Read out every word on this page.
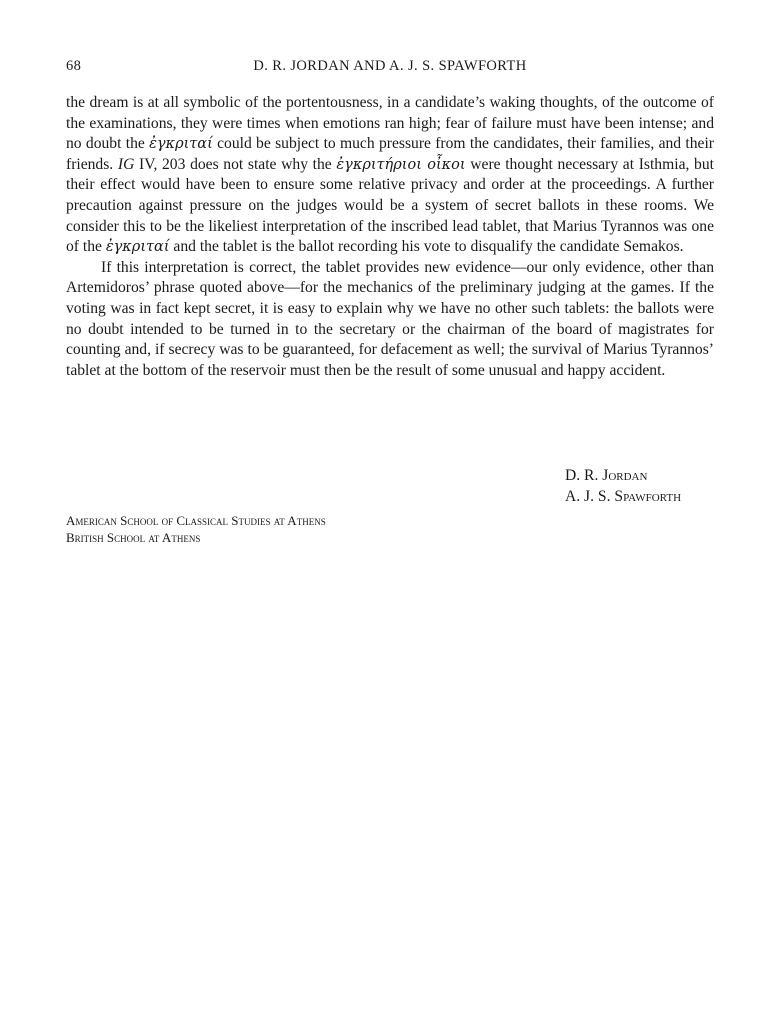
68	D. R. JORDAN AND A. J. S. SPAWFORTH

the dream is at all symbolic of the portentousness, in a candidate’s waking thoughts, of the outcome of the examinations, they were times when emotions ran high; fear of failure must have been intense; and no doubt the ἐγκριταί could be subject to much pressure from the candidates, their families, and their friends. IG IV, 203 does not state why the ἐγκριτήριοι οἶκοι were thought necessary at Isthmia, but their effect would have been to ensure some relative privacy and order at the proceedings. A further precaution against pressure on the judges would be a system of secret ballots in these rooms. We consider this to be the likeliest interpretation of the inscribed lead tablet, that Marius Tyrannos was one of the ἐγκριταί and the tablet is the ballot recording his vote to disqualify the candidate Semakos.

If this interpretation is correct, the tablet provides new evidence—our only evidence, other than Artemidoros’ phrase quoted above—for the mechanics of the preliminary judging at the games. If the voting was in fact kept secret, it is easy to explain why we have no other such tablets: the ballots were no doubt intended to be turned in to the secretary or the chairman of the board of magistrates for counting and, if secrecy was to be guaranteed, for defacement as well; the survival of Marius Tyrannos’ tablet at the bottom of the reservoir must then be the result of some unusual and happy accident.

D. R. Jordan
A. J. S. Spawforth
American School of Classical Studies at Athens
British School at Athens
